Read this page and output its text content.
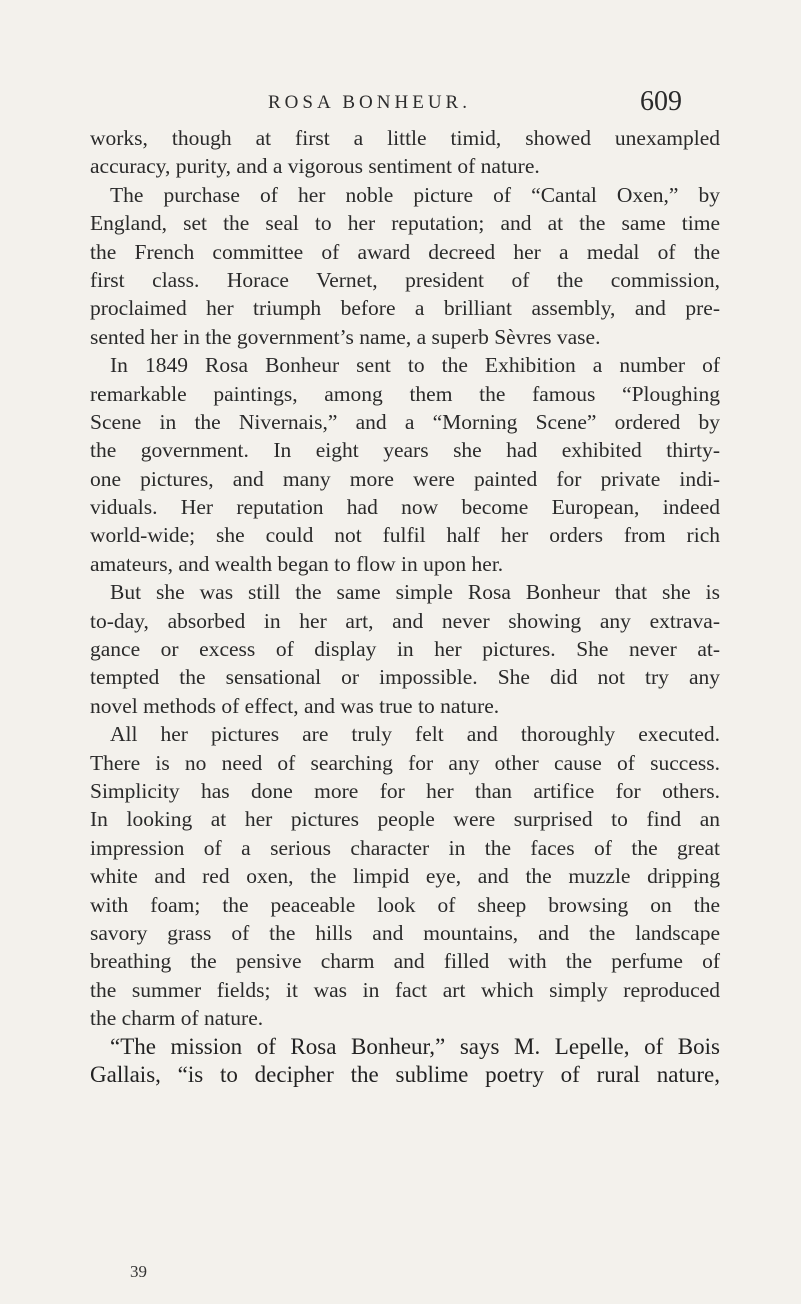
ROSA BONHEUR.	609
works, though at first a little timid, showed unexampled
accuracy, purity, and a vigorous sentiment of nature.
The purchase of her noble picture of “Cantal Oxen,” by
England, set the seal to her reputation; and at the same time
the French committee of award decreed her a medal of the
first class. Horace Vernet, president of the commission,
proclaimed her triumph before a brilliant assembly, and pre-
sented her in the government’s name, a superb Sèvres vase.
In 1849 Rosa Bonheur sent to the Exhibition a number of
remarkable paintings, among them the famous “Ploughing
Scene in the Nivernais,” and a “Morning Scene” ordered by
the government. In eight years she had exhibited thirty-
one pictures, and many more were painted for private indi-
viduals. Her reputation had now become European, indeed
world-wide; she could not fulfil half her orders from rich
amateurs, and wealth began to flow in upon her.
But she was still the same simple Rosa Bonheur that she is
to-day, absorbed in her art, and never showing any extrava-
gance or excess of display in her pictures. She never at-
tempted the sensational or impossible. She did not try any
novel methods of effect, and was true to nature.
All her pictures are truly felt and thoroughly executed.
There is no need of searching for any other cause of success.
Simplicity has done more for her than artifice for others.
In looking at her pictures people were surprised to find an
impression of a serious character in the faces of the great
white and red oxen, the limpid eye, and the muzzle dripping
with foam; the peaceable look of sheep browsing on the
savory grass of the hills and mountains, and the landscape
breathing the pensive charm and filled with the perfume of
the summer fields; it was in fact art which simply reproduced
the charm of nature.
“The mission of Rosa Bonheur,” says M. Lepelle, of Bois
Gallais, “is to decipher the sublime poetry of rural nature,
39
